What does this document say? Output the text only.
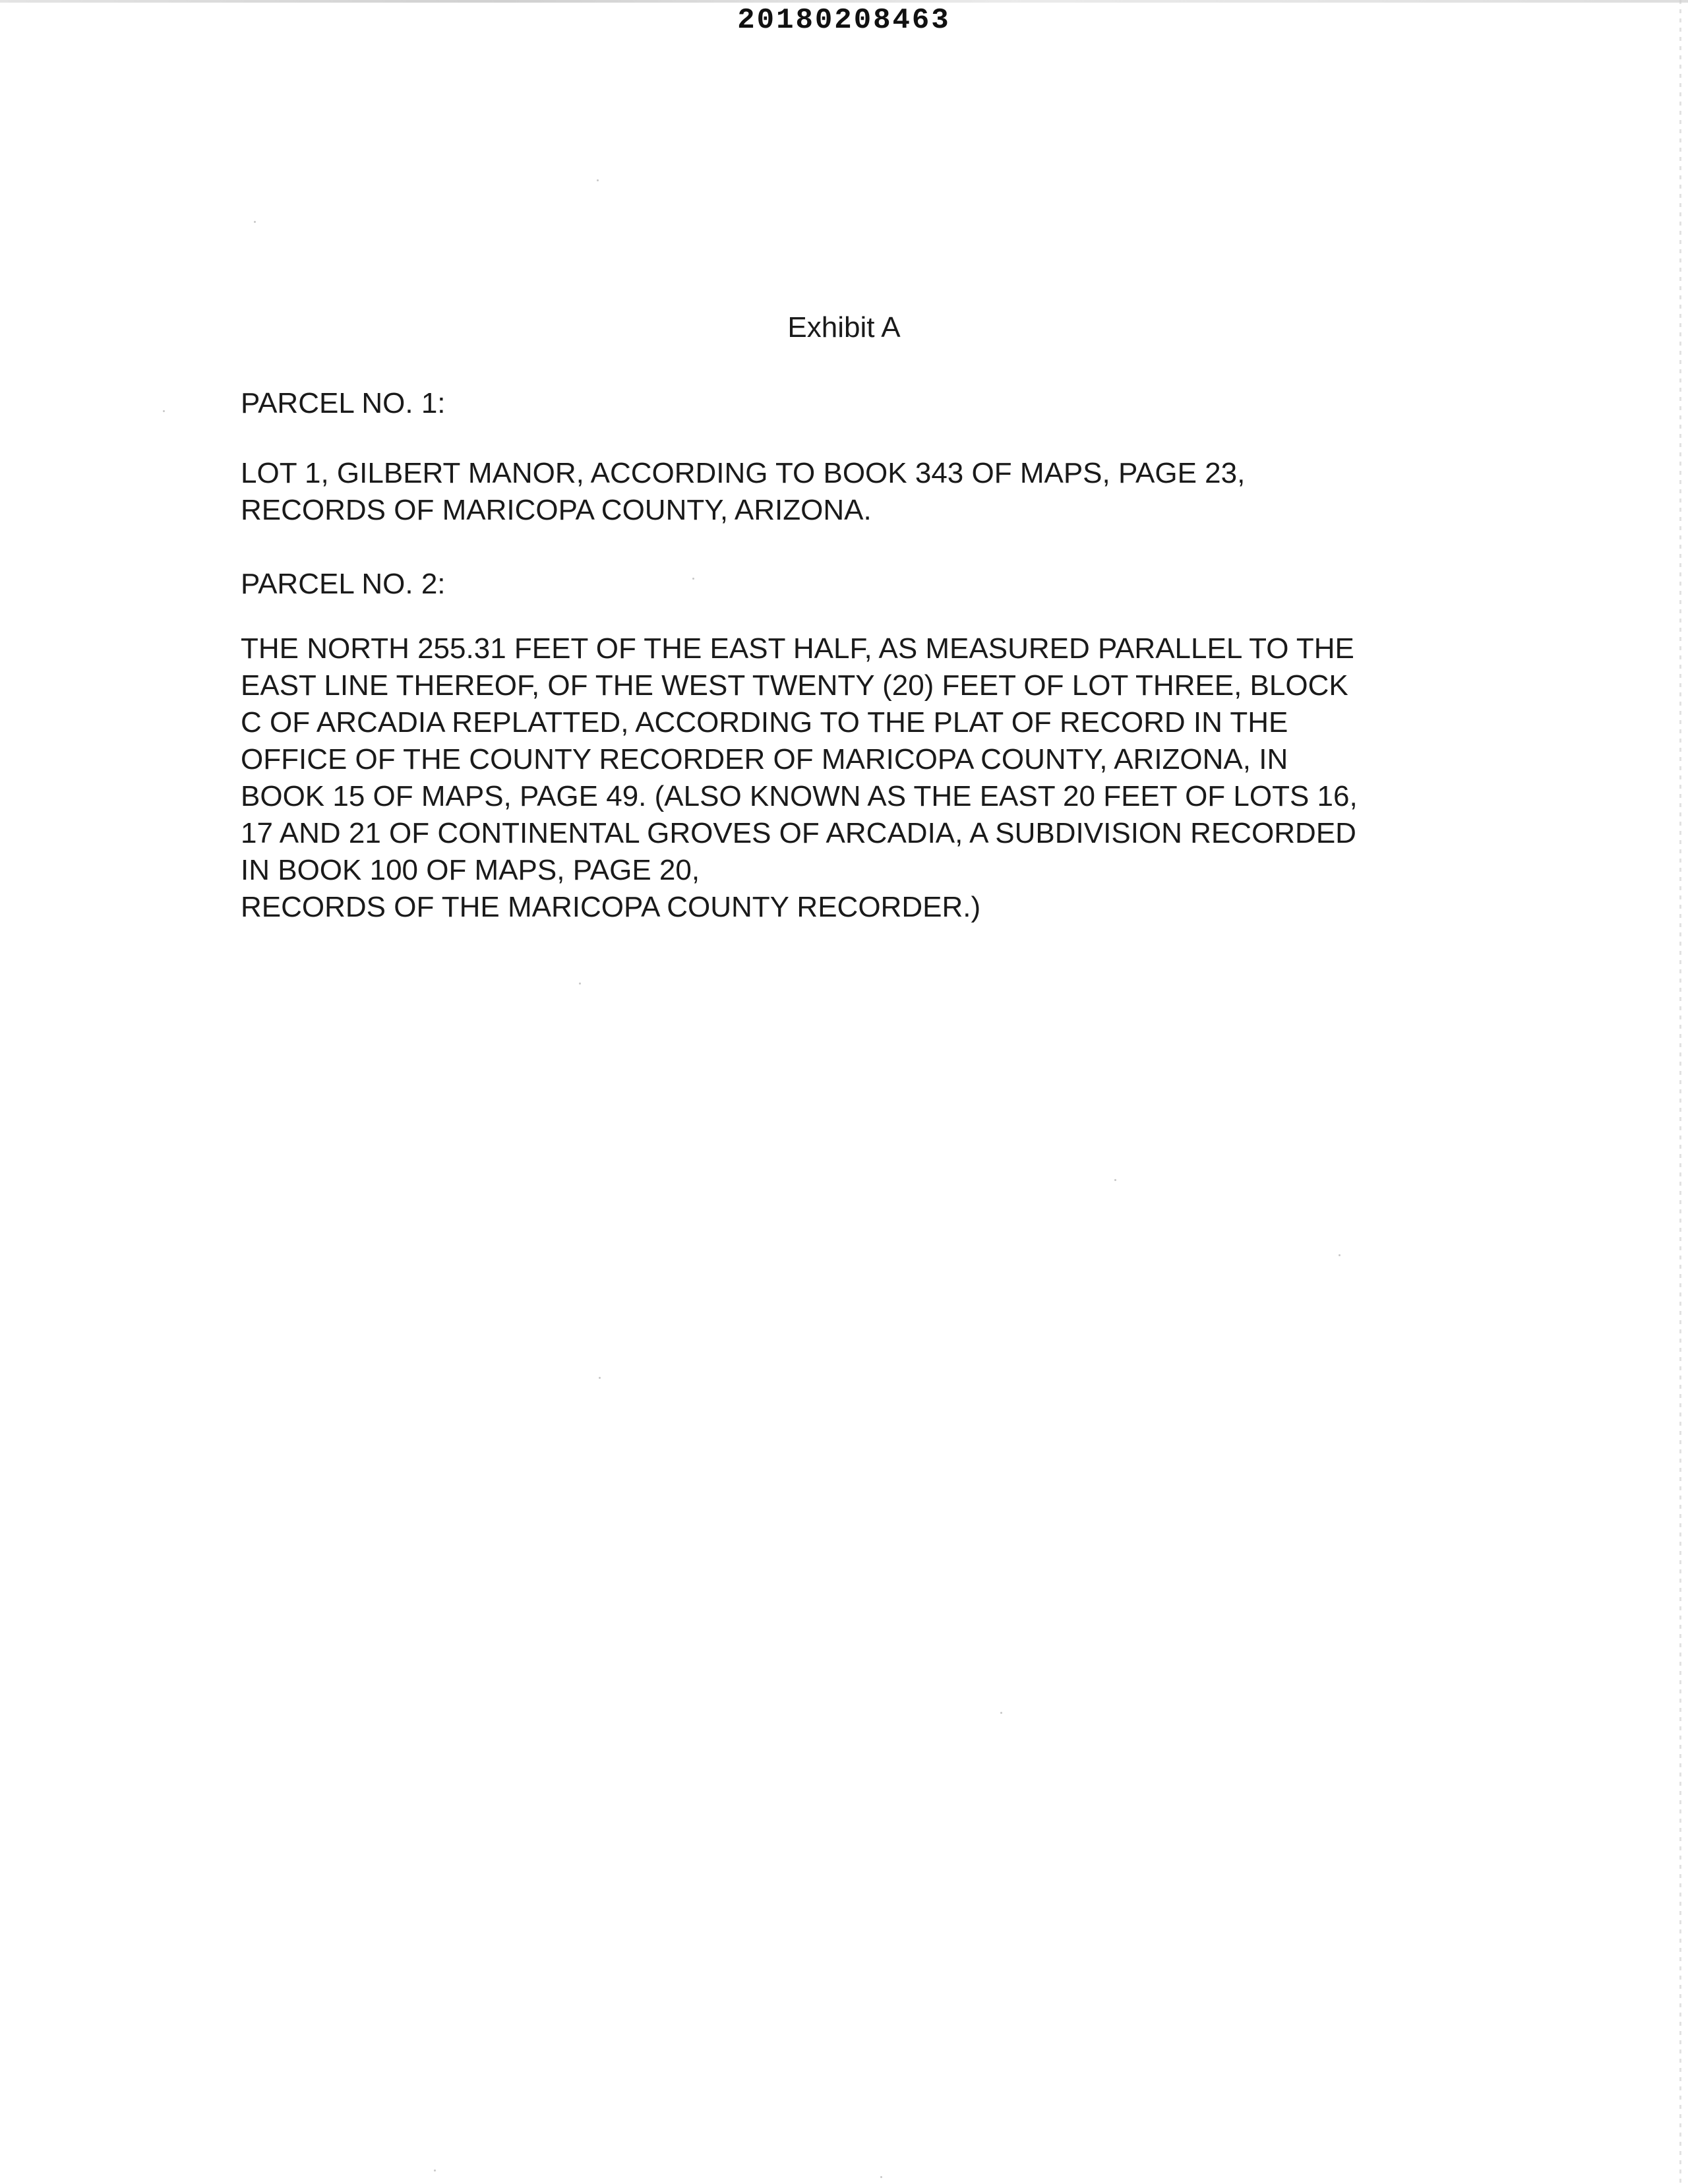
20180208463
Exhibit A

PARCEL NO. 1:

LOT 1, GILBERT MANOR, ACCORDING TO BOOK 343 OF MAPS, PAGE 23,
RECORDS OF MARICOPA COUNTY, ARIZONA.

PARCEL NO. 2:

THE NORTH 255.31 FEET OF THE EAST HALF, AS MEASURED PARALLEL TO THE
EAST LINE THEREOF, OF THE WEST TWENTY (20) FEET OF LOT THREE, BLOCK
C OF ARCADIA REPLATTED, ACCORDING TO THE PLAT OF RECORD IN THE
OFFICE OF THE COUNTY RECORDER OF MARICOPA COUNTY, ARIZONA, IN
BOOK 15 OF MAPS, PAGE 49. (ALSO KNOWN AS THE EAST 20 FEET OF LOTS 16,
17 AND 21 OF CONTINENTAL GROVES OF ARCADIA, A SUBDIVISION RECORDED
IN BOOK 100 OF MAPS, PAGE 20,
RECORDS OF THE MARICOPA COUNTY RECORDER.)
